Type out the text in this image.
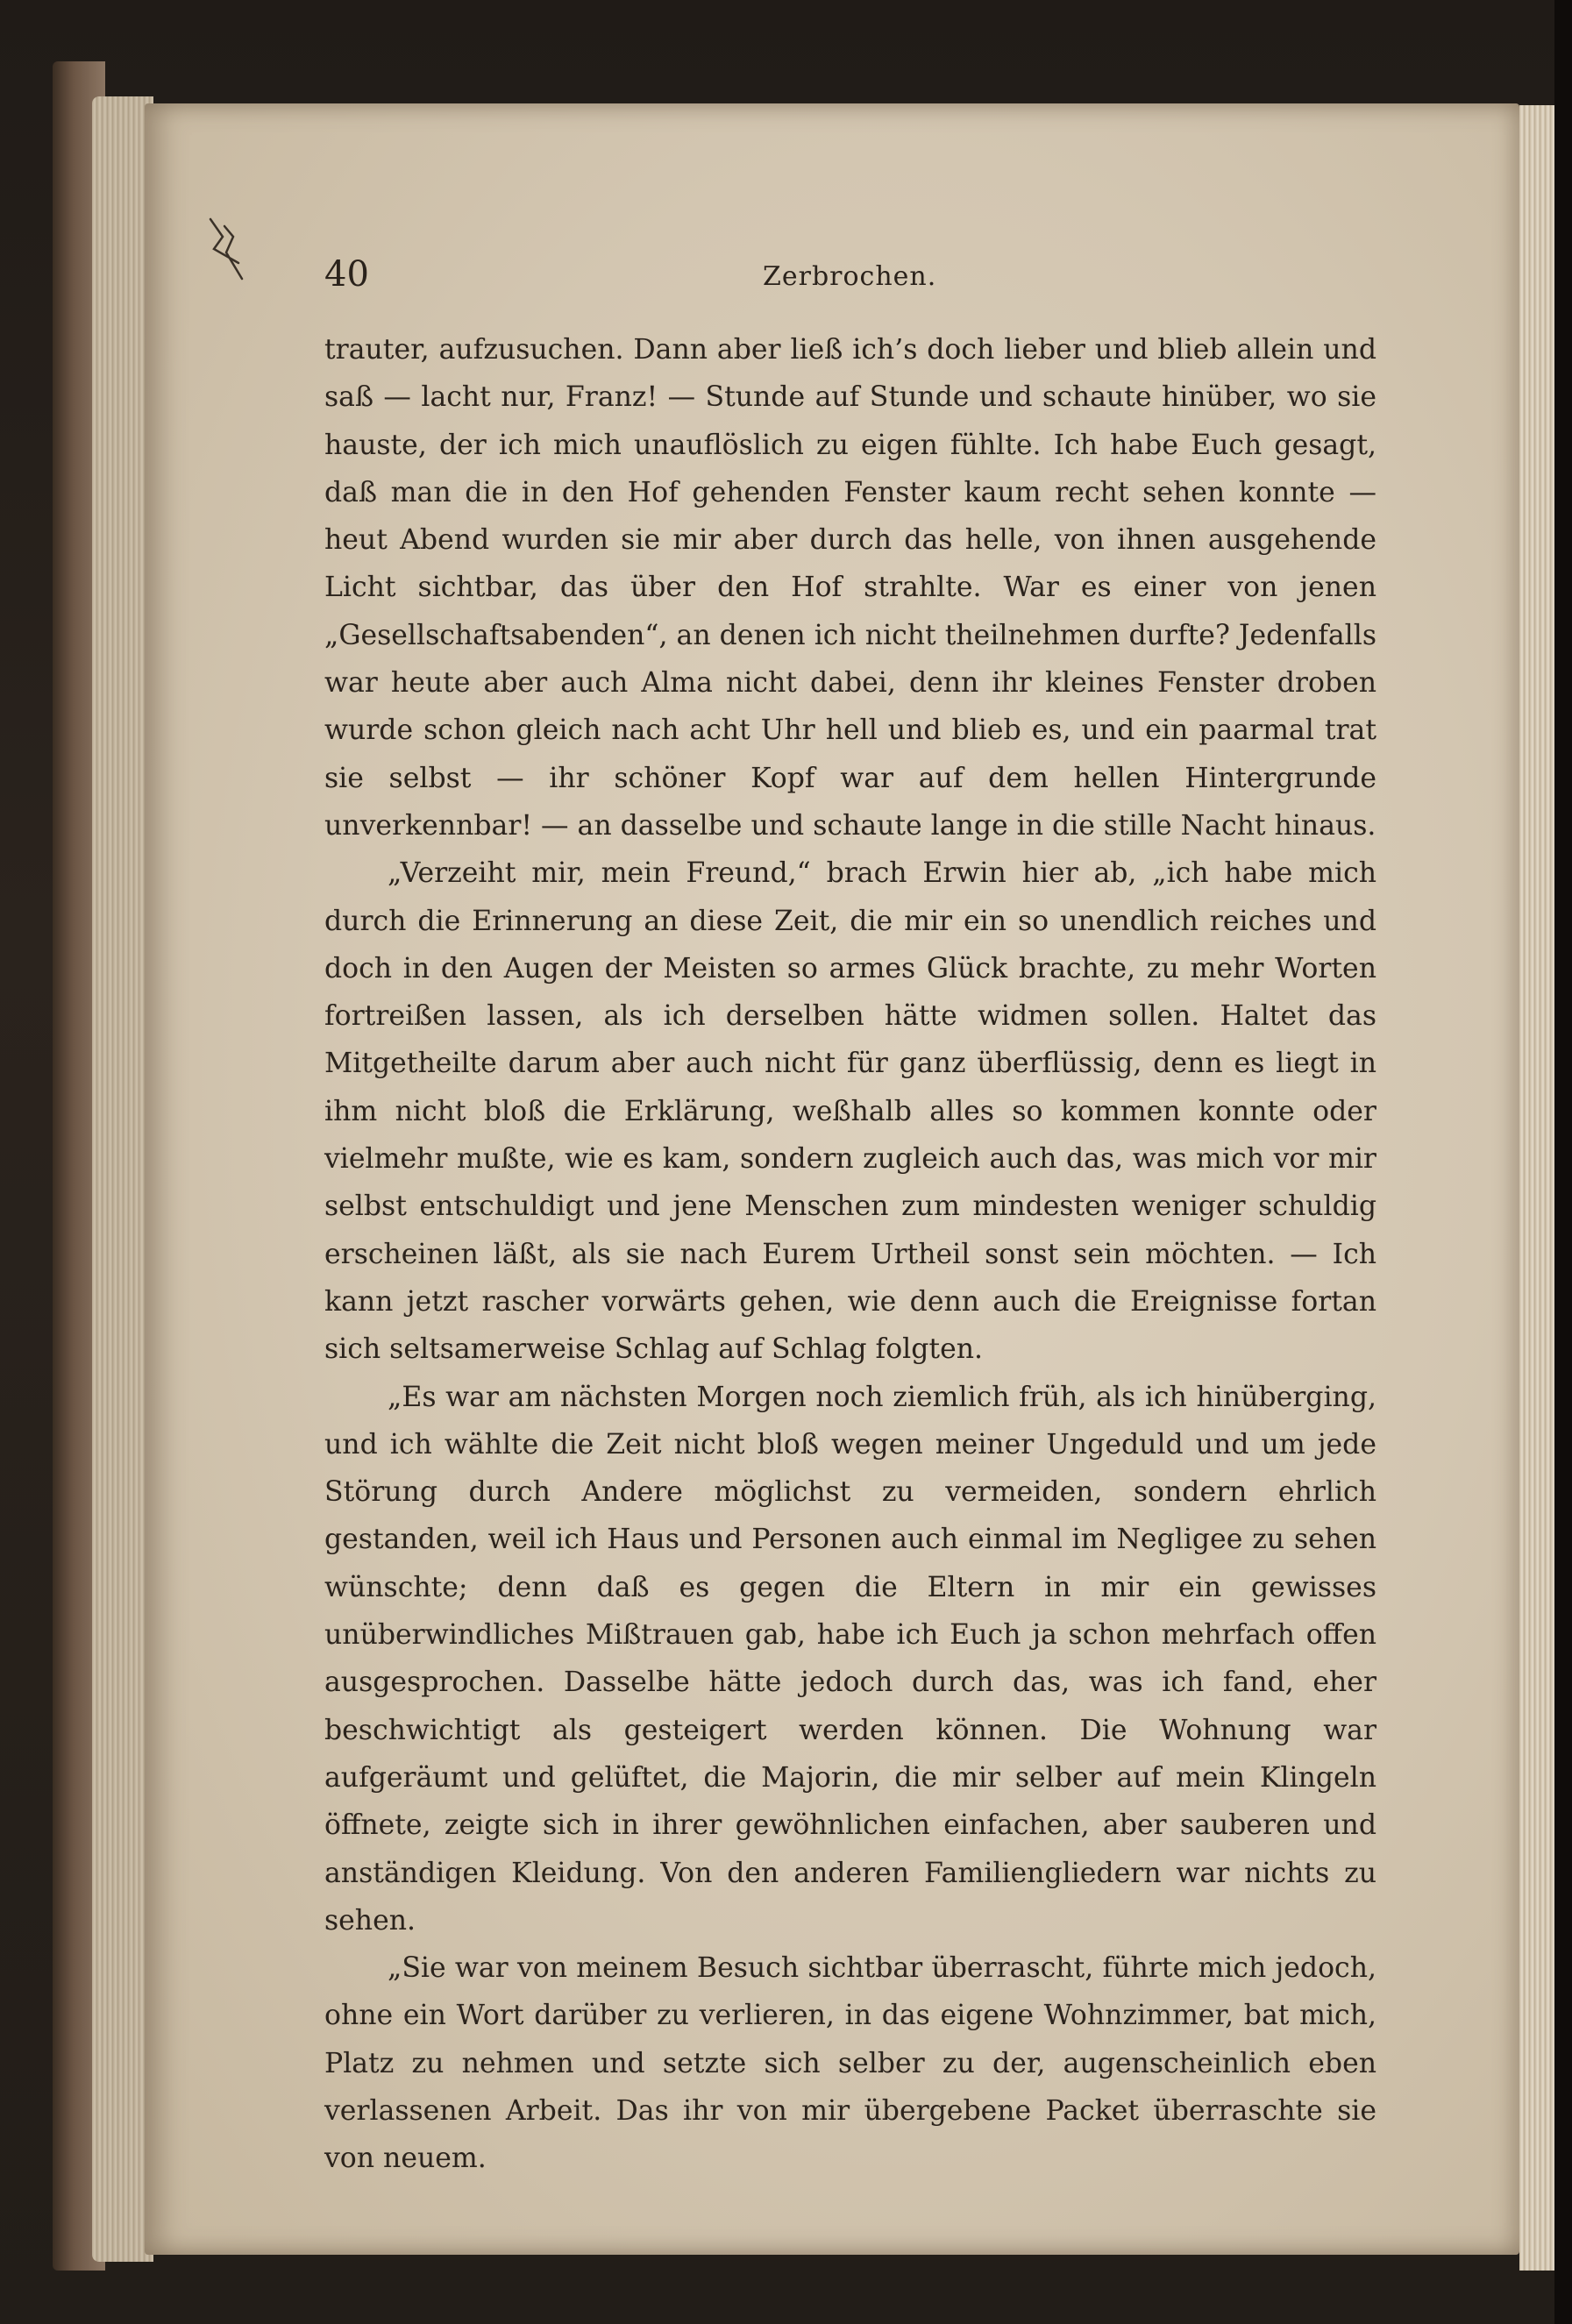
40	Zerbrochen.

trauter, aufzusuchen. Dann aber ließ ich’s doch lieber und blieb allein und saß — lacht nur, Franz! — Stunde auf Stunde und schaute hinüber, wo sie hauste, der ich mich unauflöslich zu eigen fühlte. Ich habe Euch gesagt, daß man die in den Hof gehenden Fenster kaum recht sehen konnte — heut Abend wurden sie mir aber durch das helle, von ihnen ausgehende Licht sichtbar, das über den Hof strahlte. War es einer von jenen „Gesellschaftsabenden“, an denen ich nicht theilnehmen durfte? Jedenfalls war heute aber auch Alma nicht dabei, denn ihr kleines Fenster droben wurde schon gleich nach acht Uhr hell und blieb es, und ein paarmal trat sie selbst — ihr schöner Kopf war auf dem hellen Hintergrunde unverkennbar! — an dasselbe und schaute lange in die stille Nacht hinaus.

„Verzeiht mir, mein Freund,“ brach Erwin hier ab, „ich habe mich durch die Erinnerung an diese Zeit, die mir ein so unendlich reiches und doch in den Augen der Meisten so armes Glück brachte, zu mehr Worten fortreißen lassen, als ich derselben hätte widmen sollen. Haltet das Mitgetheilte darum aber auch nicht für ganz überflüssig, denn es liegt in ihm nicht bloß die Erklärung, weßhalb alles so kommen konnte oder vielmehr mußte, wie es kam, sondern zugleich auch das, was mich vor mir selbst entschuldigt und jene Menschen zum mindesten weniger schuldig erscheinen läßt, als sie nach Eurem Urtheil sonst sein möchten. — Ich kann jetzt rascher vorwärts gehen, wie denn auch die Ereignisse fortan sich seltsamerweise Schlag auf Schlag folgten.

„Es war am nächsten Morgen noch ziemlich früh, als ich hinüberging, und ich wählte die Zeit nicht bloß wegen meiner Ungeduld und um jede Störung durch Andere möglichst zu vermeiden, sondern ehrlich gestanden, weil ich Haus und Personen auch einmal im Negligee zu sehen wünschte; denn daß es gegen die Eltern in mir ein gewisses unüberwindliches Mißtrauen gab, habe ich Euch ja schon mehrfach offen ausgesprochen. Dasselbe hätte jedoch durch das, was ich fand, eher beschwichtigt als gesteigert werden können. Die Wohnung war aufgeräumt und gelüftet, die Majorin, die mir selber auf mein Klingeln öffnete, zeigte sich in ihrer gewöhnlichen einfachen, aber sauberen und anständigen Kleidung. Von den anderen Familiengliedern war nichts zu sehen.

„Sie war von meinem Besuch sichtbar überrascht, führte mich jedoch, ohne ein Wort darüber zu verlieren, in das eigene Wohnzimmer, bat mich, Platz zu nehmen und setzte sich selber zu der, augenscheinlich eben verlassenen Arbeit. Das ihr von mir übergebene Packet überraschte sie von neuem.
